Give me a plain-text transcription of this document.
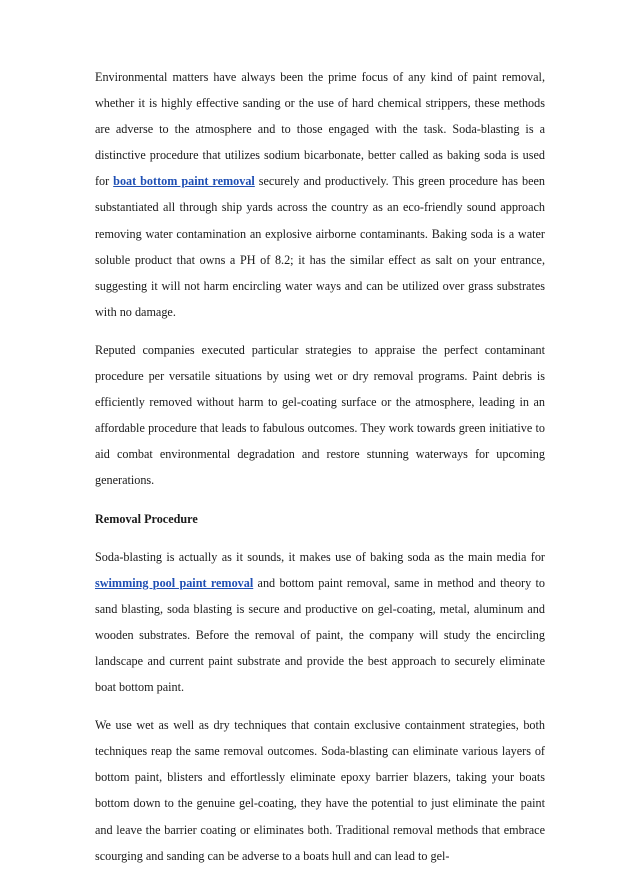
Environmental matters have always been the prime focus of any kind of paint removal, whether it is highly effective sanding or the use of hard chemical strippers, these methods are adverse to the atmosphere and to those engaged with the task. Soda-blasting is a distinctive procedure that utilizes sodium bicarbonate, better called as baking soda is used for boat bottom paint removal securely and productively. This green procedure has been substantiated all through ship yards across the country as an eco-friendly sound approach removing water contamination an explosive airborne contaminants. Baking soda is a water soluble product that owns a PH of 8.2; it has the similar effect as salt on your entrance, suggesting it will not harm encircling water ways and can be utilized over grass substrates with no damage.

Reputed companies executed particular strategies to appraise the perfect contaminant procedure per versatile situations by using wet or dry removal programs. Paint debris is efficiently removed without harm to gel-coating surface or the atmosphere, leading in an affordable procedure that leads to fabulous outcomes. They work towards green initiative to aid combat environmental degradation and restore stunning waterways for upcoming generations.

Removal Procedure

Soda-blasting is actually as it sounds, it makes use of baking soda as the main media for swimming pool paint removal and bottom paint removal, same in method and theory to sand blasting, soda blasting is secure and productive on gel-coating, metal, aluminum and wooden substrates. Before the removal of paint, the company will study the encircling landscape and current paint substrate and provide the best approach to securely eliminate boat bottom paint.

We use wet as well as dry techniques that contain exclusive containment strategies, both techniques reap the same removal outcomes. Soda-blasting can eliminate various layers of bottom paint, blisters and effortlessly eliminate epoxy barrier blazers, taking your boats bottom down to the genuine gel-coating, they have the potential to just eliminate the paint and leave the barrier coating or eliminates both. Traditional removal methods that embrace scourging and sanding can be adverse to a boats hull and can lead to gel-
